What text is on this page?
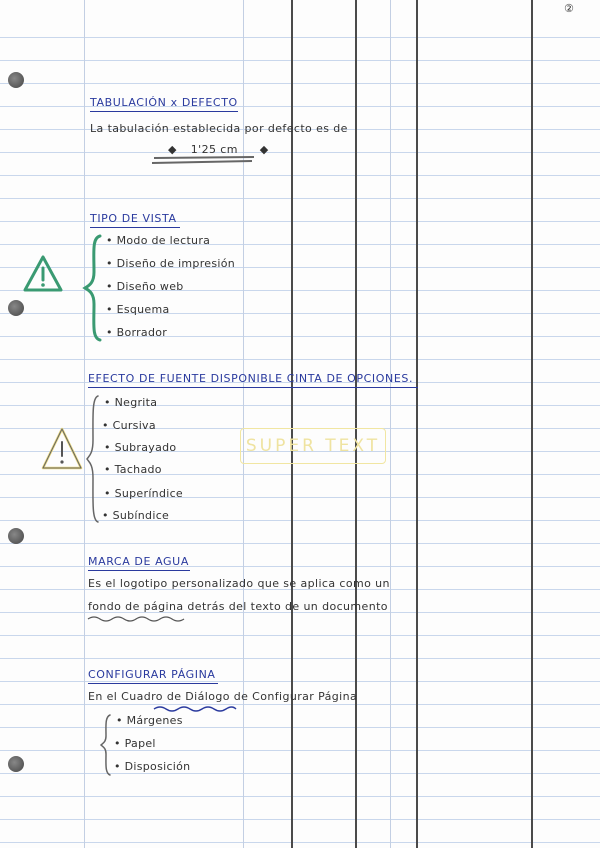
②
TABULACIÓN x DEFECTO
La tabulación establecida por defecto es de
◆ 1'25 cm ◆
TIPO DE VISTA
• Modo de lectura
• Diseño de impresión
• Diseño web
• Esquema
• Borrador
EFECTO DE FUENTE DISPONIBLE CINTA DE OPCIONES.
• Negrita
• Cursiva
• Subrayado
• Tachado
• Superíndice
• Subíndice
SUPER TEXT
MARCA DE AGUA
Es el logotipo personalizado que se aplica como un
fondo de página detrás del texto de un documento
CONFIGURAR PÁGINA
En el Cuadro de Diálogo de Configurar Página
• Márgenes
• Papel
• Disposición
